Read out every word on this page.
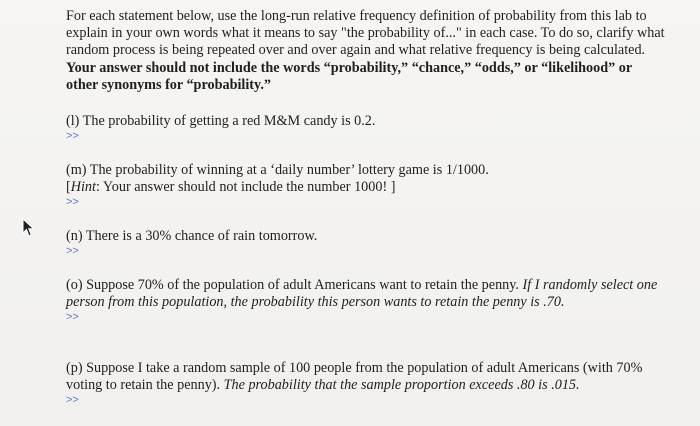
For each statement below, use the long-run relative frequency definition of probability from this lab to explain in your own words what it means to say "the probability of..." in each case. To do so, clarify what random process is being repeated over and over again and what relative frequency is being calculated. Your answer should not include the words “probability,” “chance,” “odds,” or “likelihood” or other synonyms for “probability.”
(l) The probability of getting a red M&M candy is 0.2.
>>
(m) The probability of winning at a ‘daily number’ lottery game is 1/1000.
[Hint: Your answer should not include the number 1000! ]
>>
(n) There is a 30% chance of rain tomorrow.
>>
(o) Suppose 70% of the population of adult Americans want to retain the penny. If I randomly select one person from this population, the probability this person wants to retain the penny is .70.
>>
(p) Suppose I take a random sample of 100 people from the population of adult Americans (with 70% voting to retain the penny). The probability that the sample proportion exceeds .80 is .015.
>>
